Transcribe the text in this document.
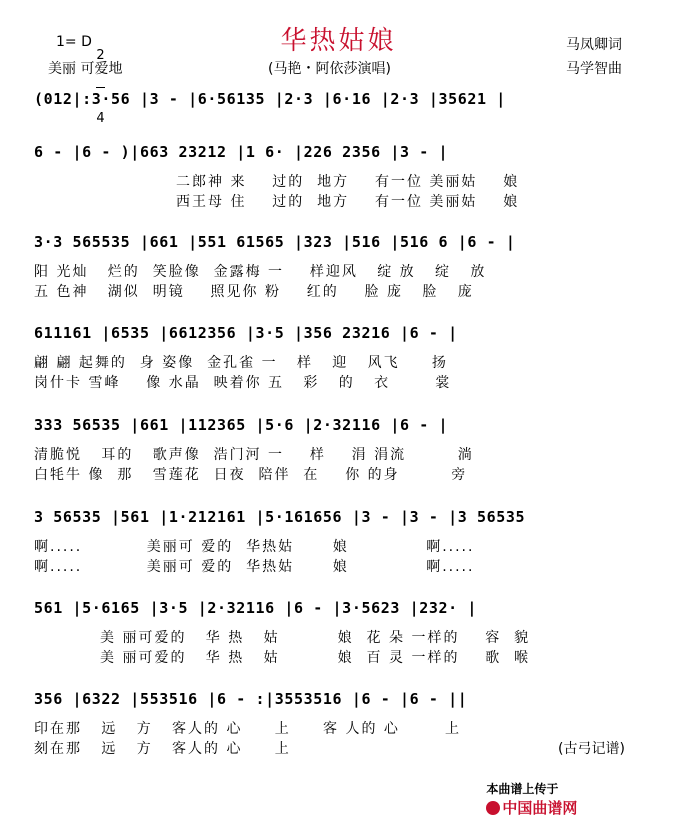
华热姑娘
1= D

2

4

美丽 可爱地	(马艳・阿依莎演唱)
马凤卿词
马学智曲
(012|:3·56 |3 - |6·56135 |2·3 |6·16 |2·3 |35621 |
6 - |6 - )|663 23212 |1 6· |226 2356 |3 - |
二郎神 来    过的  地方    有一位 美丽姑    娘
西王母 住    过的  地方    有一位 美丽姑    娘
3·3 565535 |661 |551 61565 |323 |516 |516 6 |6 - |
阳 光灿   烂的  笑脸像  金露梅 一    样迎风   绽 放   绽   放
五 色神   湖似  明镜    照见你 粉    红的    脸 庞   脸   庞
611161 |6535 |6612356 |3·5 |356 23216 |6 - |
翩 翩 起舞的  身 姿像  金孔雀 一   样   迎   风飞     扬
岗什卡 雪峰    像 水晶  映着你 五   彩   的   衣       裳
333 56535 |661 |112365 |5·6 |2·32116 |6 - |
清脆悦   耳的   歌声像  浩门河 一    样    涓 涓流        淌
白牦牛 像  那   雪莲花  日夜  陪伴  在    你 的身        旁
3 56535 |561 |1·212161 |5·161656 |3 - |3 - |3 56535
啊.....          美丽可 爱的  华热姑      娘            啊.....
啊.....          美丽可 爱的  华热姑      娘            啊.....
561 |5·6165 |3·5 |2·32116 |6 - |3·5623 |232· |
美 丽可爱的   华 热   姑         娘  花 朵 一样的    容  貌
美 丽可爱的   华 热   姑         娘  百 灵 一样的    歌  喉
356 |6322 |553516 |6 - :|3553516 |6 - |6 - ||
印在那   远   方   客人的 心     上     客 人的 心       上
刻在那   远   方   客人的 心     上	(古弓记谱)

本曲谱上传于
中国曲谱网
